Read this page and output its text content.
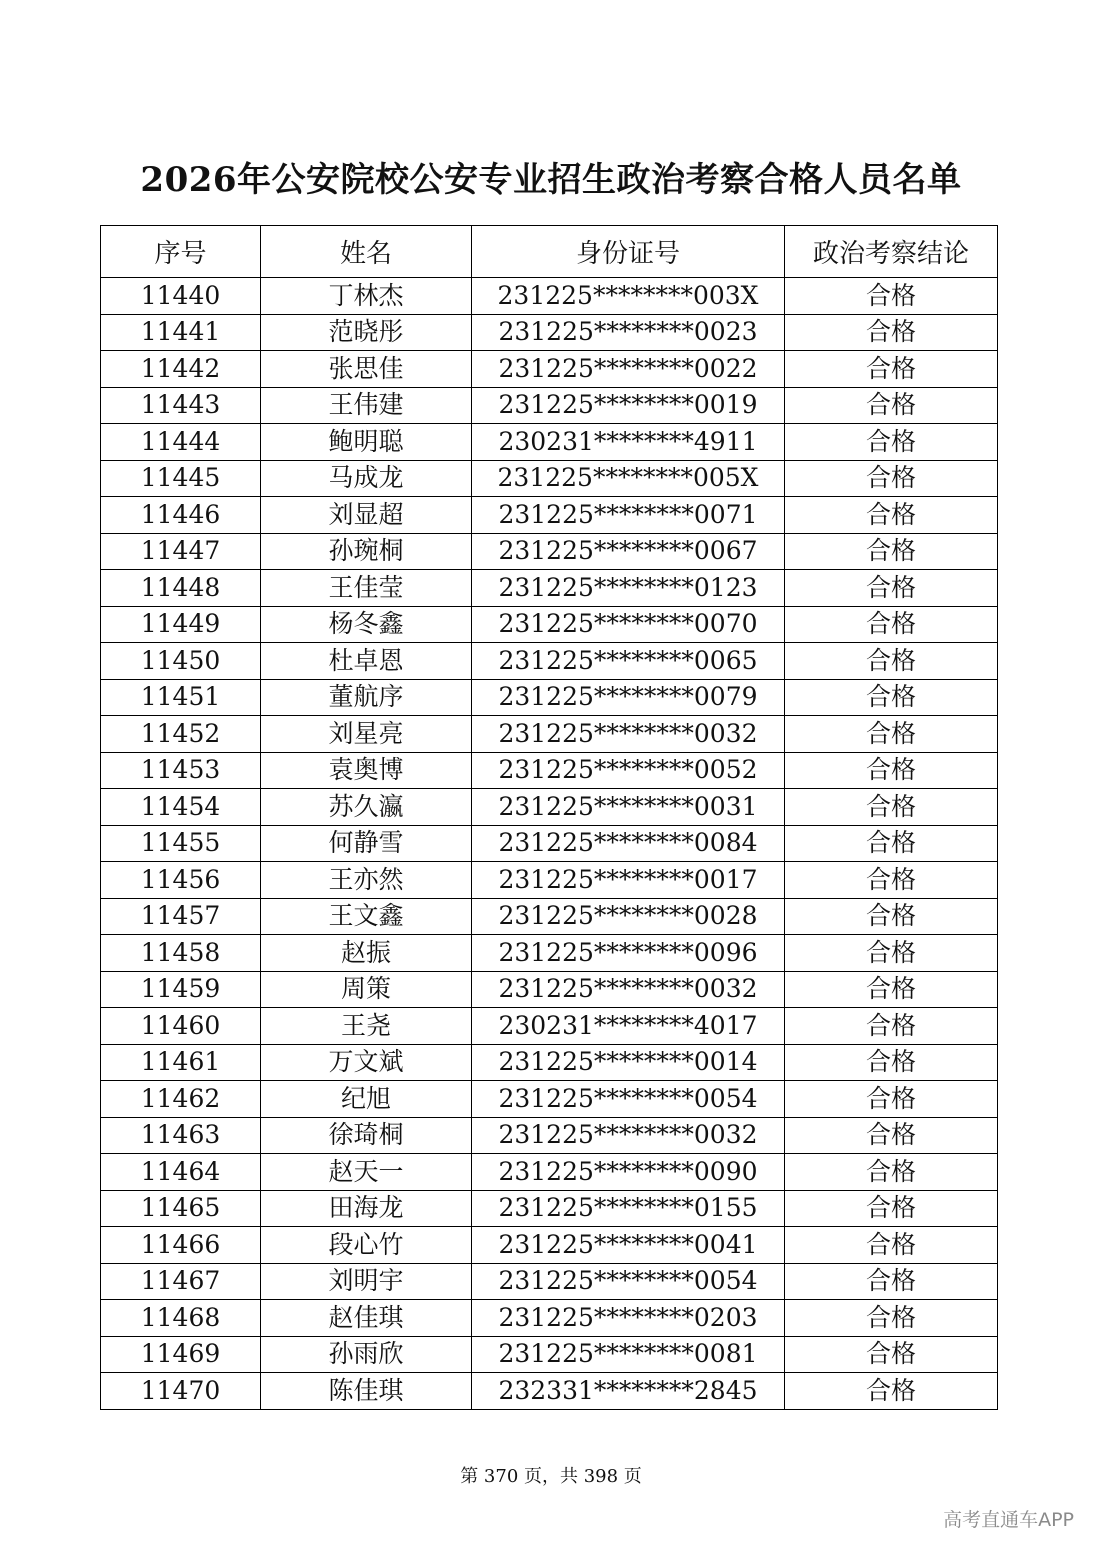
2026年公安院校公安专业招生政治考察合格人员名单
序号	姓名	身份证号	政治考察结论
11440	丁林杰	231225********003X	合格
11441	范晓彤	231225********0023	合格
11442	张思佳	231225********0022	合格
11443	王伟建	231225********0019	合格
11444	鲍明聪	230231********4911	合格
11445	马成龙	231225********005X	合格
11446	刘显超	231225********0071	合格
11447	孙琬桐	231225********0067	合格
11448	王佳莹	231225********0123	合格
11449	杨冬鑫	231225********0070	合格
11450	杜卓恩	231225********0065	合格
11451	董航序	231225********0079	合格
11452	刘星亮	231225********0032	合格
11453	袁奥博	231225********0052	合格
11454	苏久瀛	231225********0031	合格
11455	何静雪	231225********0084	合格
11456	王亦然	231225********0017	合格
11457	王文鑫	231225********0028	合格
11458	赵振	231225********0096	合格
11459	周策	231225********0032	合格
11460	王尧	230231********4017	合格
11461	万文斌	231225********0014	合格
11462	纪旭	231225********0054	合格
11463	徐琦桐	231225********0032	合格
11464	赵天一	231225********0090	合格
11465	田海龙	231225********0155	合格
11466	段心竹	231225********0041	合格
11467	刘明宇	231225********0054	合格
11468	赵佳琪	231225********0203	合格
11469	孙雨欣	231225********0081	合格
11470	陈佳琪	232331********2845	合格
第 370 页，共 398 页
高考直通车APP
